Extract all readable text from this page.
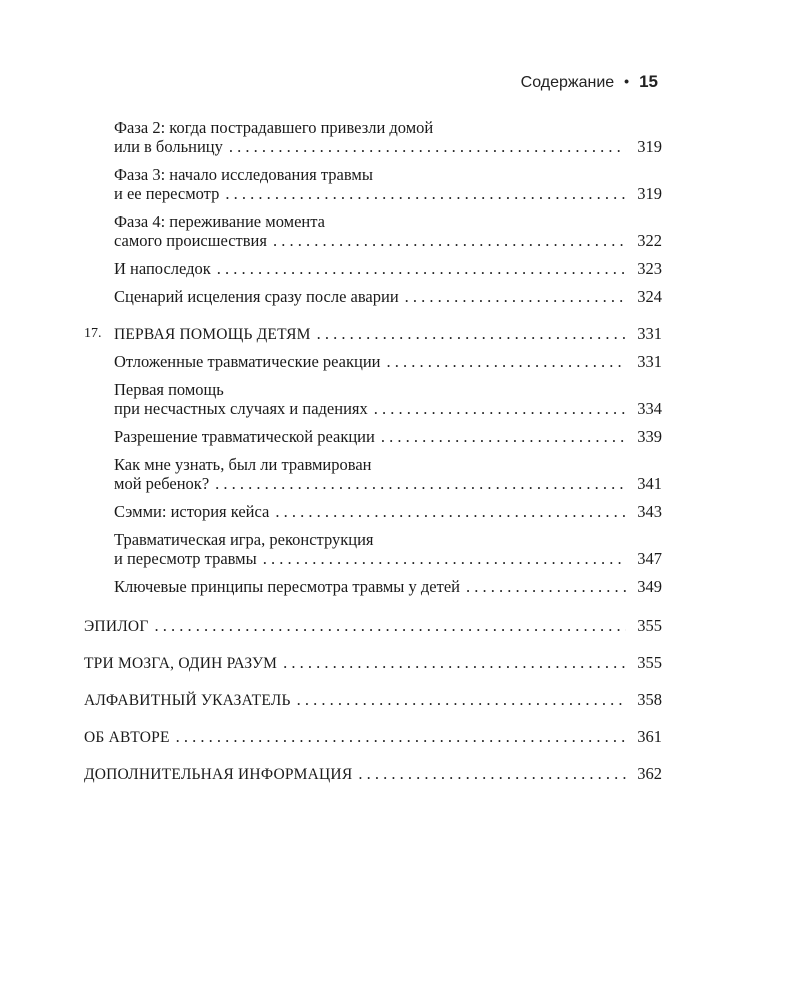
Содержание • 15
Фаза 2: когда пострадавшего привезли домой
или в больницу . . .	319
Фаза 3: начало исследования травмы
и ее пересмотр . . .	319
Фаза 4: переживание момента
самого происшествия . . .	322
И напоследок . . .	323
Сценарий исцеления сразу после аварии . . .	324
17. ПЕРВАЯ ПОМОЩЬ ДЕТЯМ . . .	331
Отложенные травматические реакции . . .	331
Первая помощь
при несчастных случаях и падениях . . .	334
Разрешение травматической реакции . . .	339
Как мне узнать, был ли травмирован
мой ребенок? . . .	341
Сэмми: история кейса . . .	343
Травматическая игра, реконструкция
и пересмотр травмы . . .	347
Ключевые принципы пересмотра травмы у детей . . .	349
ЭПИЛОГ . . .	355
ТРИ МОЗГА, ОДИН РАЗУМ . . .	355
АЛФАВИТНЫЙ УКАЗАТЕЛЬ . . .	358
ОБ АВТОРЕ . . .	361
ДОПОЛНИТЕЛЬНАЯ ИНФОРМАЦИЯ . . .	362
